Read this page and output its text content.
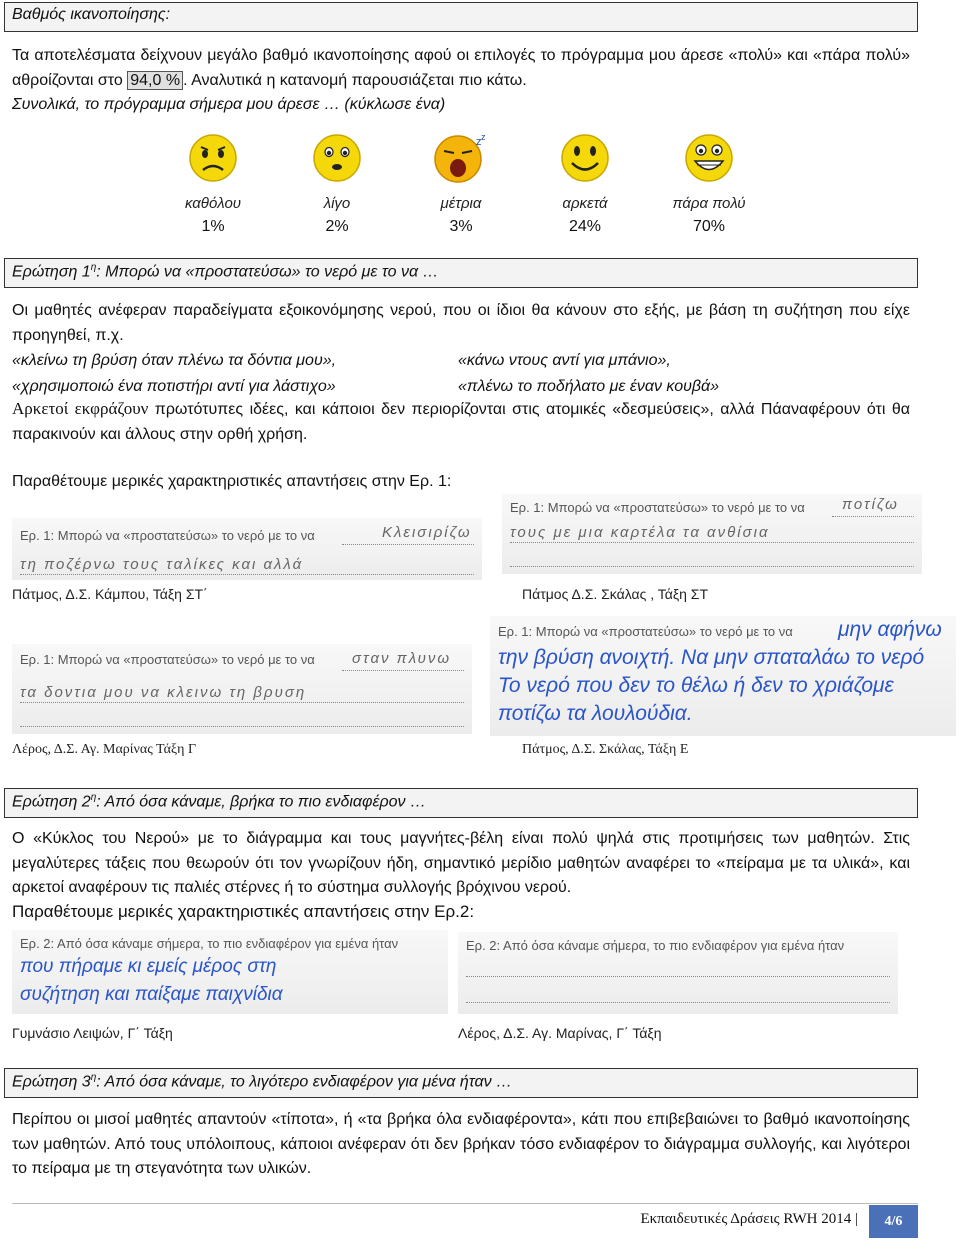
Βαθμός ικανοποίησης:
Τα αποτελέσματα δείχνουν μεγάλο βαθμό ικανοποίησης αφού οι επιλογές το πρόγραμμα μου άρεσε «πολύ» και «πάρα πολύ» αθροίζονται στο 94,0 % . Αναλυτικά η κατανομή παρουσιάζεται πιο κάτω.
Συνολικά, το πρόγραμμα σήμερα μου άρεσε … (κύκλωσε ένα)
καθόλου
1%
λίγο
2%
z z
μέτρια
3%
αρκετά
24%
πάρα πολύ
70%
Ερώτηση $1^\eta$: Μπορώ να «προστατεύσω» το νερό με το να …
Οι μαθητές ανέφεραν παραδείγματα εξοικονόμησης νερού, που οι ίδιοι θα κάνουν στο εξής, με βάση τη συζήτηση που είχε προηγηθεί, π.χ.
«κλείνω τη βρύση όταν πλένω τα δόντια μου»,
«χρησιμοποιώ ένα ποτιστήρι αντί για λάστιχο»
«κάνω ντους αντί για μπάνιο»,
«πλένω το ποδήλατο με έναν κουβά»
Αρκετοί εκφράζουν πρωτότυπες ιδέες, και κάποιοι δεν περιορίζονται στις ατομικές «δεσμεύσεις», αλλά Πάαναφέρουν ότι θα παρακινούν και άλλους στην ορθή χρήση.
Παραθέτουμε μερικές χαρακτηριστικές απαντήσεις στην Ερ. 1:
Ερ. 1: Μπορώ να «προστατεύσω» το νερό με το να	Κλεισιρίζω
τη ποζέρνω τους ταλίκες και αλλά
Πάτμος, Δ.Σ. Κάμπου, Τάξη ΣΤ΄
Ερ. 1: Μπορώ να «προστατεύσω» το νερό με το να ποτίζω
τους με μια καρτέλα τα ανθίσια
Πάτμος Δ.Σ. Σκάλας , Τάξη ΣΤ
Ερ. 1: Μπορώ να «προστατεύσω» το νερό με το να σταν πλυνω
τα δοντια μου να κλεινω τη βρυση
Λέρος, Δ.Σ. Αγ. Μαρίνας Τάξη Γ
Ερ. 1: Μπορώ να «προστατεύσω» το νερό με το να μην αφήνω
την βρύση ανοιχτή. Να μην σπαταλάω το νερό
Το νερό που δεν το θέλω ή δεν το χριάζομε
ποτίζω τα λουλούδια.
Πάτμος, Δ.Σ. Σκάλας, Τάξη Ε
Ερώτηση $2^\eta$: Από όσα κάναμε, βρήκα το πιο ενδιαφέρον …
Ο «Κύκλος του Νερού» με το διάγραμμα και τους μαγνήτες-βέλη είναι πολύ ψηλά στις προτιμήσεις των μαθητών. Στις μεγαλύτερες τάξεις που θεωρούν ότι τον γνωρίζουν ήδη, σημαντικό μερίδιο μαθητών αναφέρει το «πείραμα με τα υλικά», και αρκετοί αναφέρουν τις παλιές στέρνες ή το σύστημα συλλογής βρόχινου νερού.
Παραθέτουμε μερικές χαρακτηριστικές απαντήσεις στην Ερ.2:
Ερ. 2: Από όσα κάναμε σήμερα, το πιο ενδιαφέρον για εμένα ήταν
που πήραμε κι εμείς μέρος στη
συζήτηση και παίξαμε παιχνίδια
Γυμνάσιο Λειψών, Γ΄ Τάξη
Ερ. 2: Από όσα κάναμε σήμερα, το πιο ενδιαφέρον για εμένα ήταν
Λέρος, Δ.Σ. Αγ. Μαρίνας, Γ΄ Τάξη
Ερώτηση $3^\eta$: Από όσα κάναμε, το λιγότερο ενδιαφέρον για μένα ήταν …
Περίπου οι μισοί μαθητές απαντούν «τίποτα», ή «τα βρήκα όλα ενδιαφέροντα», κάτι που επιβεβαιώνει το βαθμό ικανοποίησης των μαθητών. Από τους υπόλοιπους, κάποιοι ανέφεραν ότι δεν βρήκαν τόσο ενδιαφέρον το διάγραμμα συλλογής, και λιγότεροι το πείραμα με τη στεγανότητα των υλικών.
Εκπαιδευτικές Δράσεις RWH 2014 |	4/6
